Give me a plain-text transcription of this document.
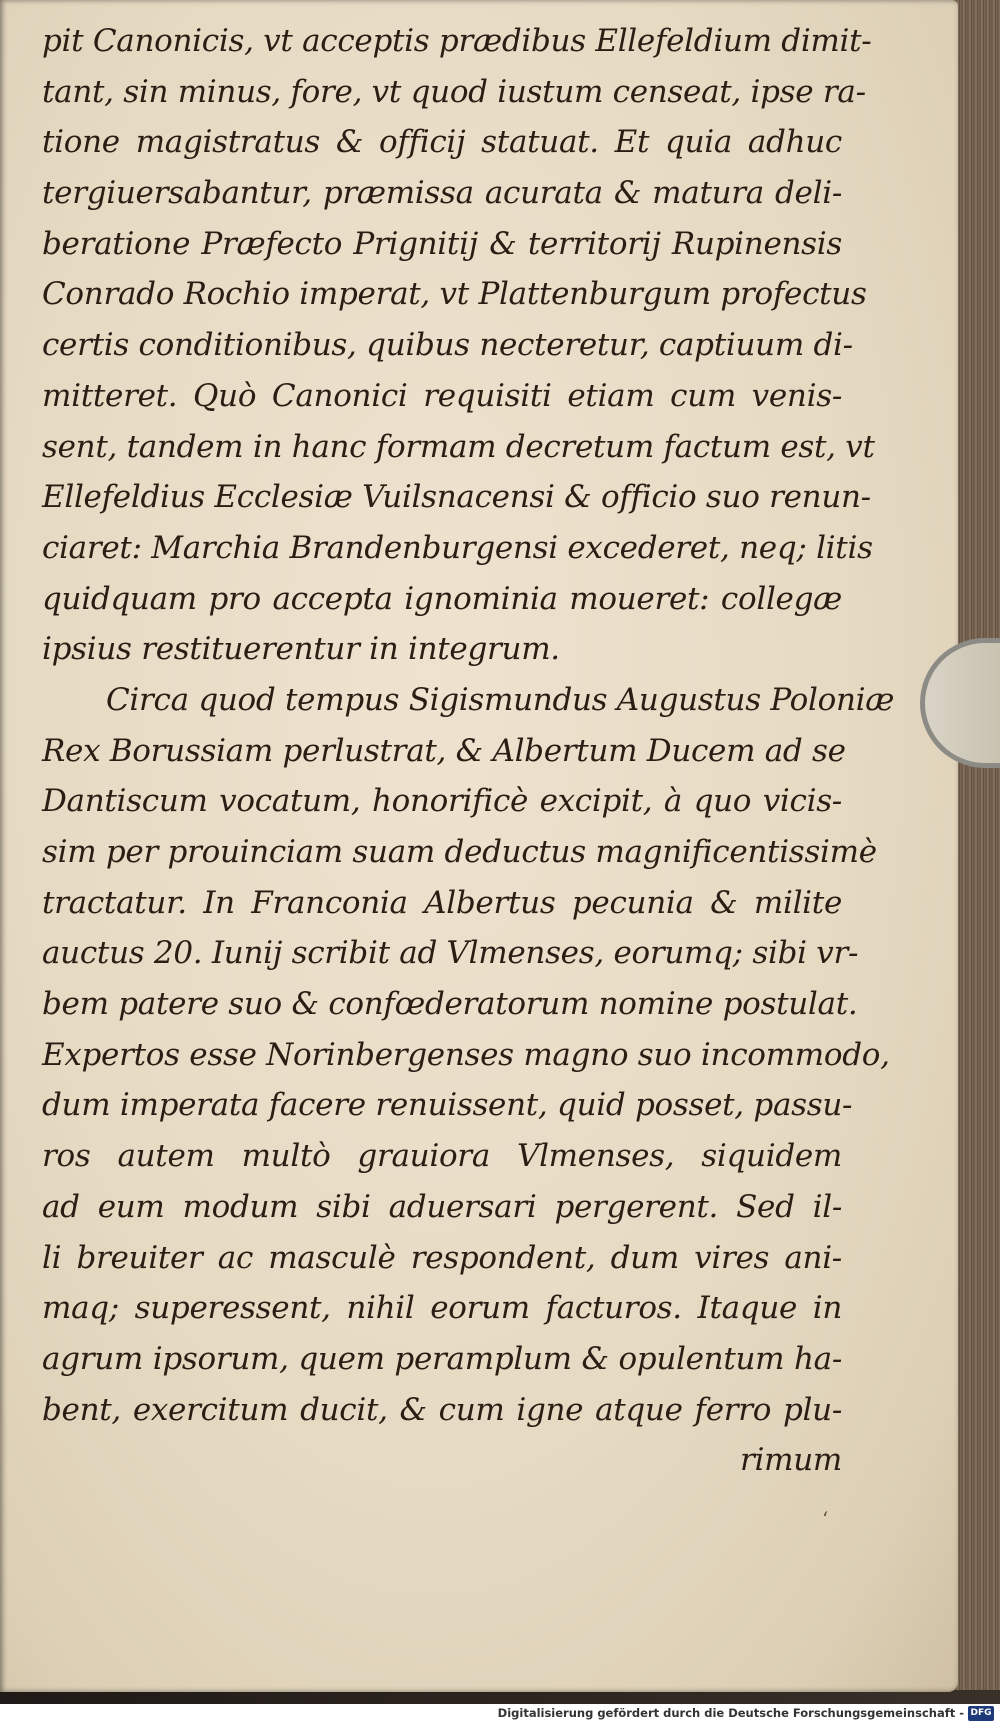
pit Canonicis, vt acceptis prædibus Ellefeldium dimit-
tant, sin minus, fore, vt quod iustum censeat, ipse ra-
tione magistratus & officij statuat. Et quia adhuc
tergiuersabantur, præmissa acurata & matura deli-
beratione Præfecto Prignitij & territorij Rupinensis
Conrado Rochio imperat, vt Plattenburgum profectus
certis conditionibus, quibus necteretur, captiuum di-
mitteret. Quò Canonici requisiti etiam cum venis-
sent, tandem in hanc formam decretum factum est, vt
Ellefeldius Ecclesiæ Vuilsnacensi & officio suo renun-
ciaret: Marchia Brandenburgensi excederet, neq; litis
quidquam pro accepta ignominia moueret: collegæ
ipsius restituerentur in integrum.
Circa quod tempus Sigismundus Augustus Poloniæ
Rex Borussiam perlustrat, & Albertum Ducem ad se
Dantiscum vocatum, honorificè excipit, à quo vicis-
sim per prouinciam suam deductus magnificentissimè
tractatur. In Franconia Albertus pecunia & milite
auctus 20. Iunij scribit ad Vlmenses, eorumq; sibi vr-
bem patere suo & confœderatorum nomine postulat.
Expertos esse Norinbergenses magno suo incommodo,
dum imperata facere renuissent, quid posset, passu-
ros autem multò grauiora Vlmenses, siquidem
ad eum modum sibi aduersari pergerent. Sed il-
li breuiter ac masculè respondent, dum vires ani-
maq; superessent, nihil eorum facturos. Itaque in
agrum ipsorum, quem peramplum & opulentum ha-
bent, exercitum ducit, & cum igne atque ferro plu-
rimum
ʻ
Digitalisierung gefördert durch die Deutsche Forschungsgemeinschaft - DFG
